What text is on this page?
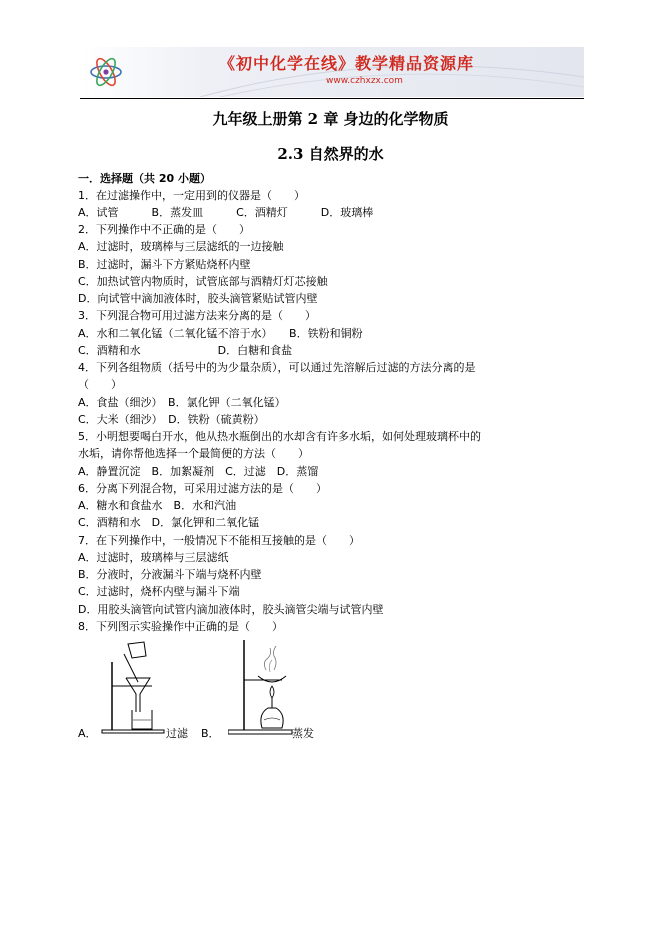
《初中化学在线》教学精品资源库
www.czhxzx.com
九年级上册第 2 章 身边的化学物质
2.3 自然界的水
一．选择题（共 20 小题）
1．在过滤操作中，一定用到的仪器是（　　）
A．试管　　　B．蒸发皿　　　C．酒精灯　　　D．玻璃棒
2．下列操作中不正确的是（　　）
A．过滤时，玻璃棒与三层滤纸的一边接触
B．过滤时，漏斗下方紧贴烧杯内壁
C．加热试管内物质时，试管底部与酒精灯灯芯接触
D．向试管中滴加液体时，胶头滴管紧贴试管内壁
3．下列混合物可用过滤方法来分离的是（　　）
A．水和二氧化锰（二氧化锰不溶于水）　　B．铁粉和铜粉
C．酒精和水　　　　　　　D．白糖和食盐
4．下列各组物质（括号中的为少量杂质），可以通过先溶解后过滤的方法分离的是
（　　）
A．食盐（细沙）　B．氯化钾（二氧化锰）
C．大米（细沙）　D．铁粉（硫黄粉）
5．小明想要喝白开水，他从热水瓶倒出的水却含有许多水垢，如何处理玻璃杯中的
水垢，请你帮他选择一个最简便的方法（　　）
A．静置沉淀　B．加絮凝剂　C．过滤　D．蒸馏
6．分离下列混合物，可采用过滤方法的是（　　）
A．糖水和食盐水　B．水和汽油
C．酒精和水　D．氯化钾和二氧化锰
7．在下列操作中，一般情况下不能相互接触的是（　　）
A．过滤时，玻璃棒与三层滤纸
B．分液时，分液漏斗下端与烧杯内壁
C．过滤时，烧杯内壁与漏斗下端
D．用胶头滴管向试管内滴加液体时，胶头滴管尖端与试管内壁
8．下列图示实验操作中正确的是（　　）
A．	过滤 B．	蒸发
